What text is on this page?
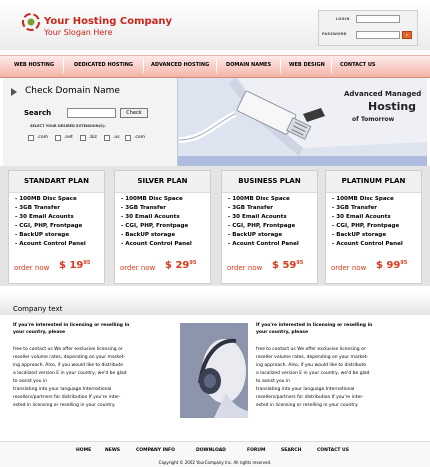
Your Hosting Company
Your Slogan Here
LOGIN
PASSWORD	›
WEB HOSTING	DEDICATED HOSTING	ADVANCED HOSTING	DOMAIN NAMES	WEB DESIGN	CONTACT US
Check Domain Name
Search	Check
SELECT YOUR DESIRED EXTENSION(S):
.com	.net	.biz	.us	.com
Advanced Managed
Hosting
of Tomorrow
STANDART PLAN
- 100MB Disc Space
- 3GB Transfer
- 30 Email Acounts
- CGI, PHP, Frontpage
- BackUP storage
- Acount Control Panel
order now $ $19^{95}$
SILVER PLAN
- 100MB Disc Space
- 3GB Transfer
- 30 Email Acounts
- CGI, PHP, Frontpage
- BackUP storage
- Acount Control Panel
order now $ $29^{95}$
BUSINESS PLAN
- 100MB Disc Space
- 3GB Transfer
- 30 Email Acounts
- CGI, PHP, Frontpage
- BackUP storage
- Acount Control Panel
order now $ $59^{95}$
PLATINUM PLAN
- 100MB Disc Space
- 3GB Transfer
- 30 Email Acounts
- CGI, PHP, Frontpage
- BackUP storage
- Acount Control Panel
order now $ $99^{95}$
Company text
If you're interested in licensing or reselling in
your country, please
free to contact us We offer exclusive licensing or
reseller volume rates, depending on your market-
ing approach. Also, if you would like to distribute
a localized version E in your country, we'd be glad
to assist you in
translating into your language.International
resellers/partners for distribution If you're inter-
ested in licensing or reselling in your country.
If you're interested in licensing or reselling in
your country, please
free to contact us We offer exclusive licensing or
reseller volume rates, depending on your market-
ing approach. Also, if you would like to distribute
a localized version E in your country, we'd be glad
to assist you in
translating into your language.International
resellers/partners for distribution If you're inter-
ested in licensing or reselling in your country.
HOME	NEWS	COMPANY INFO	DOWNLOAD	FORUM	SEARCH	CONTACT US
Copyright © 2002 YourCompany Inc. All rights reserved.
